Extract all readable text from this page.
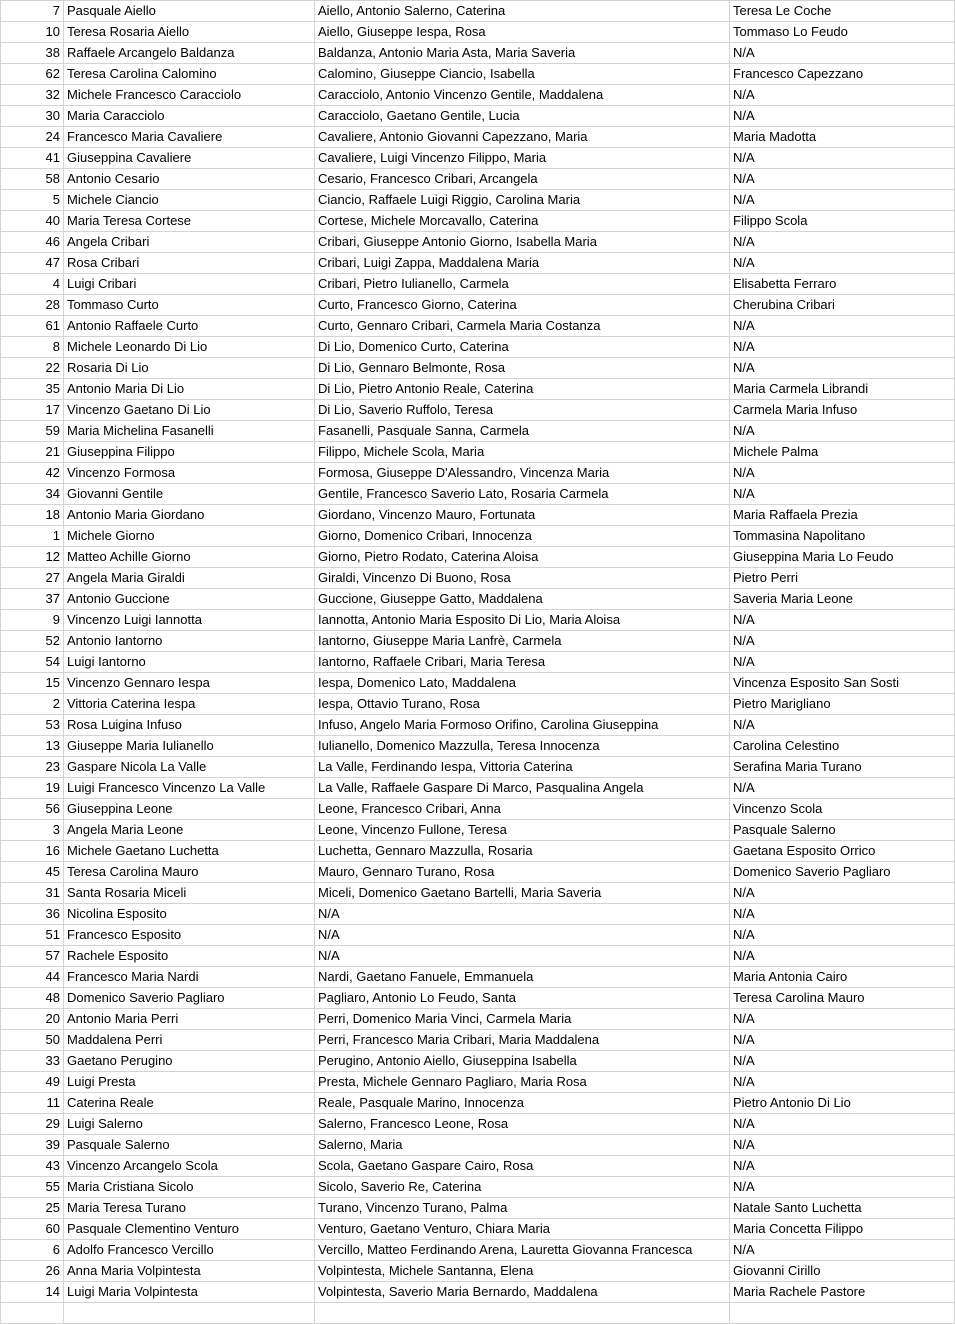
7	Pasquale Aiello	Aiello, Antonio Salerno, Caterina	Teresa Le Coche
10	Teresa Rosaria Aiello	Aiello, Giuseppe Iespa, Rosa	Tommaso Lo Feudo
38	Raffaele Arcangelo Baldanza	Baldanza, Antonio Maria Asta, Maria Saveria	N/A
62	Teresa Carolina Calomino	Calomino, Giuseppe Ciancio, Isabella	Francesco Capezzano
32	Michele Francesco Caracciolo	Caracciolo, Antonio Vincenzo Gentile, Maddalena	N/A
30	Maria Caracciolo	Caracciolo, Gaetano Gentile, Lucia	N/A
24	Francesco Maria Cavaliere	Cavaliere, Antonio Giovanni Capezzano, Maria	Maria Madotta
41	Giuseppina Cavaliere	Cavaliere, Luigi Vincenzo Filippo, Maria	N/A
58	Antonio Cesario	Cesario, Francesco Cribari, Arcangela	N/A
5	Michele Ciancio	Ciancio, Raffaele Luigi Riggio, Carolina Maria	N/A
40	Maria Teresa Cortese	Cortese, Michele Morcavallo, Caterina	Filippo Scola
46	Angela Cribari	Cribari, Giuseppe Antonio Giorno, Isabella Maria	N/A
47	Rosa Cribari	Cribari, Luigi Zappa, Maddalena Maria	N/A
4	Luigi Cribari	Cribari, Pietro Iulianello, Carmela	Elisabetta Ferraro
28	Tommaso Curto	Curto, Francesco Giorno, Caterina	Cherubina Cribari
61	Antonio Raffaele Curto	Curto, Gennaro Cribari, Carmela Maria Costanza	N/A
8	Michele Leonardo Di Lio	Di Lio, Domenico Curto, Caterina	N/A
22	Rosaria Di Lio	Di Lio, Gennaro Belmonte, Rosa	N/A
35	Antonio Maria Di Lio	Di Lio, Pietro Antonio Reale, Caterina	Maria Carmela Librandi
17	Vincenzo Gaetano Di Lio	Di Lio, Saverio Ruffolo, Teresa	Carmela Maria Infuso
59	Maria Michelina Fasanelli	Fasanelli, Pasquale Sanna, Carmela	N/A
21	Giuseppina Filippo	Filippo, Michele Scola, Maria	Michele Palma
42	Vincenzo Formosa	Formosa, Giuseppe D'Alessandro, Vincenza Maria	N/A
34	Giovanni Gentile	Gentile, Francesco Saverio Lato, Rosaria Carmela	N/A
18	Antonio Maria Giordano	Giordano, Vincenzo Mauro, Fortunata	Maria Raffaela Prezia
1	Michele Giorno	Giorno, Domenico Cribari, Innocenza	Tommasina Napolitano
12	Matteo Achille Giorno	Giorno, Pietro Rodato, Caterina Aloisa	Giuseppina Maria Lo Feudo
27	Angela Maria Giraldi	Giraldi, Vincenzo Di Buono, Rosa	Pietro Perri
37	Antonio Guccione	Guccione, Giuseppe Gatto, Maddalena	Saveria Maria Leone
9	Vincenzo Luigi Iannotta	Iannotta, Antonio Maria Esposito Di Lio, Maria Aloisa	N/A
52	Antonio Iantorno	Iantorno, Giuseppe Maria Lanfrè, Carmela	N/A
54	Luigi Iantorno	Iantorno, Raffaele Cribari, Maria Teresa	N/A
15	Vincenzo Gennaro Iespa	Iespa, Domenico Lato, Maddalena	Vincenza Esposito San Sosti
2	Vittoria Caterina Iespa	Iespa, Ottavio Turano, Rosa	Pietro Marigliano
53	Rosa Luigina Infuso	Infuso, Angelo Maria Formoso Orifino, Carolina Giuseppina	N/A
13	Giuseppe Maria Iulianello	Iulianello, Domenico Mazzulla, Teresa Innocenza	Carolina Celestino
23	Gaspare Nicola La Valle	La Valle, Ferdinando Iespa, Vittoria Caterina	Serafina Maria Turano
19	Luigi Francesco Vincenzo La Valle	La Valle, Raffaele Gaspare Di Marco, Pasqualina Angela	N/A
56	Giuseppina Leone	Leone, Francesco Cribari, Anna	Vincenzo Scola
3	Angela Maria Leone	Leone, Vincenzo Fullone, Teresa	Pasquale Salerno
16	Michele Gaetano Luchetta	Luchetta, Gennaro Mazzulla, Rosaria	Gaetana Esposito Orrico
45	Teresa Carolina Mauro	Mauro, Gennaro Turano, Rosa	Domenico Saverio Pagliaro
31	Santa Rosaria Miceli	Miceli, Domenico Gaetano Bartelli, Maria Saveria	N/A
36	Nicolina Esposito	N/A	N/A
51	Francesco Esposito	N/A	N/A
57	Rachele Esposito	N/A	N/A
44	Francesco Maria Nardi	Nardi, Gaetano Fanuele, Emmanuela	Maria Antonia Cairo
48	Domenico Saverio Pagliaro	Pagliaro, Antonio Lo Feudo, Santa	Teresa Carolina Mauro
20	Antonio Maria Perri	Perri, Domenico Maria Vinci, Carmela Maria	N/A
50	Maddalena Perri	Perri, Francesco Maria Cribari, Maria Maddalena	N/A
33	Gaetano Perugino	Perugino, Antonio Aiello, Giuseppina Isabella	N/A
49	Luigi Presta	Presta, Michele Gennaro Pagliaro, Maria Rosa	N/A
11	Caterina Reale	Reale, Pasquale Marino, Innocenza	Pietro Antonio Di Lio
29	Luigi Salerno	Salerno, Francesco Leone, Rosa	N/A
39	Pasquale Salerno	Salerno, Maria	N/A
43	Vincenzo Arcangelo Scola	Scola, Gaetano Gaspare Cairo, Rosa	N/A
55	Maria Cristiana Sicolo	Sicolo, Saverio Re, Caterina	N/A
25	Maria Teresa Turano	Turano, Vincenzo Turano, Palma	Natale Santo Luchetta
60	Pasquale Clementino Venturo	Venturo, Gaetano Venturo, Chiara Maria	Maria Concetta Filippo
6	Adolfo Francesco Vercillo	Vercillo, Matteo Ferdinando Arena, Lauretta Giovanna Francesca	N/A
26	Anna Maria Volpintesta	Volpintesta, Michele Santanna, Elena	Giovanni Cirillo
14	Luigi Maria Volpintesta	Volpintesta, Saverio Maria Bernardo, Maddalena	Maria Rachele Pastore
